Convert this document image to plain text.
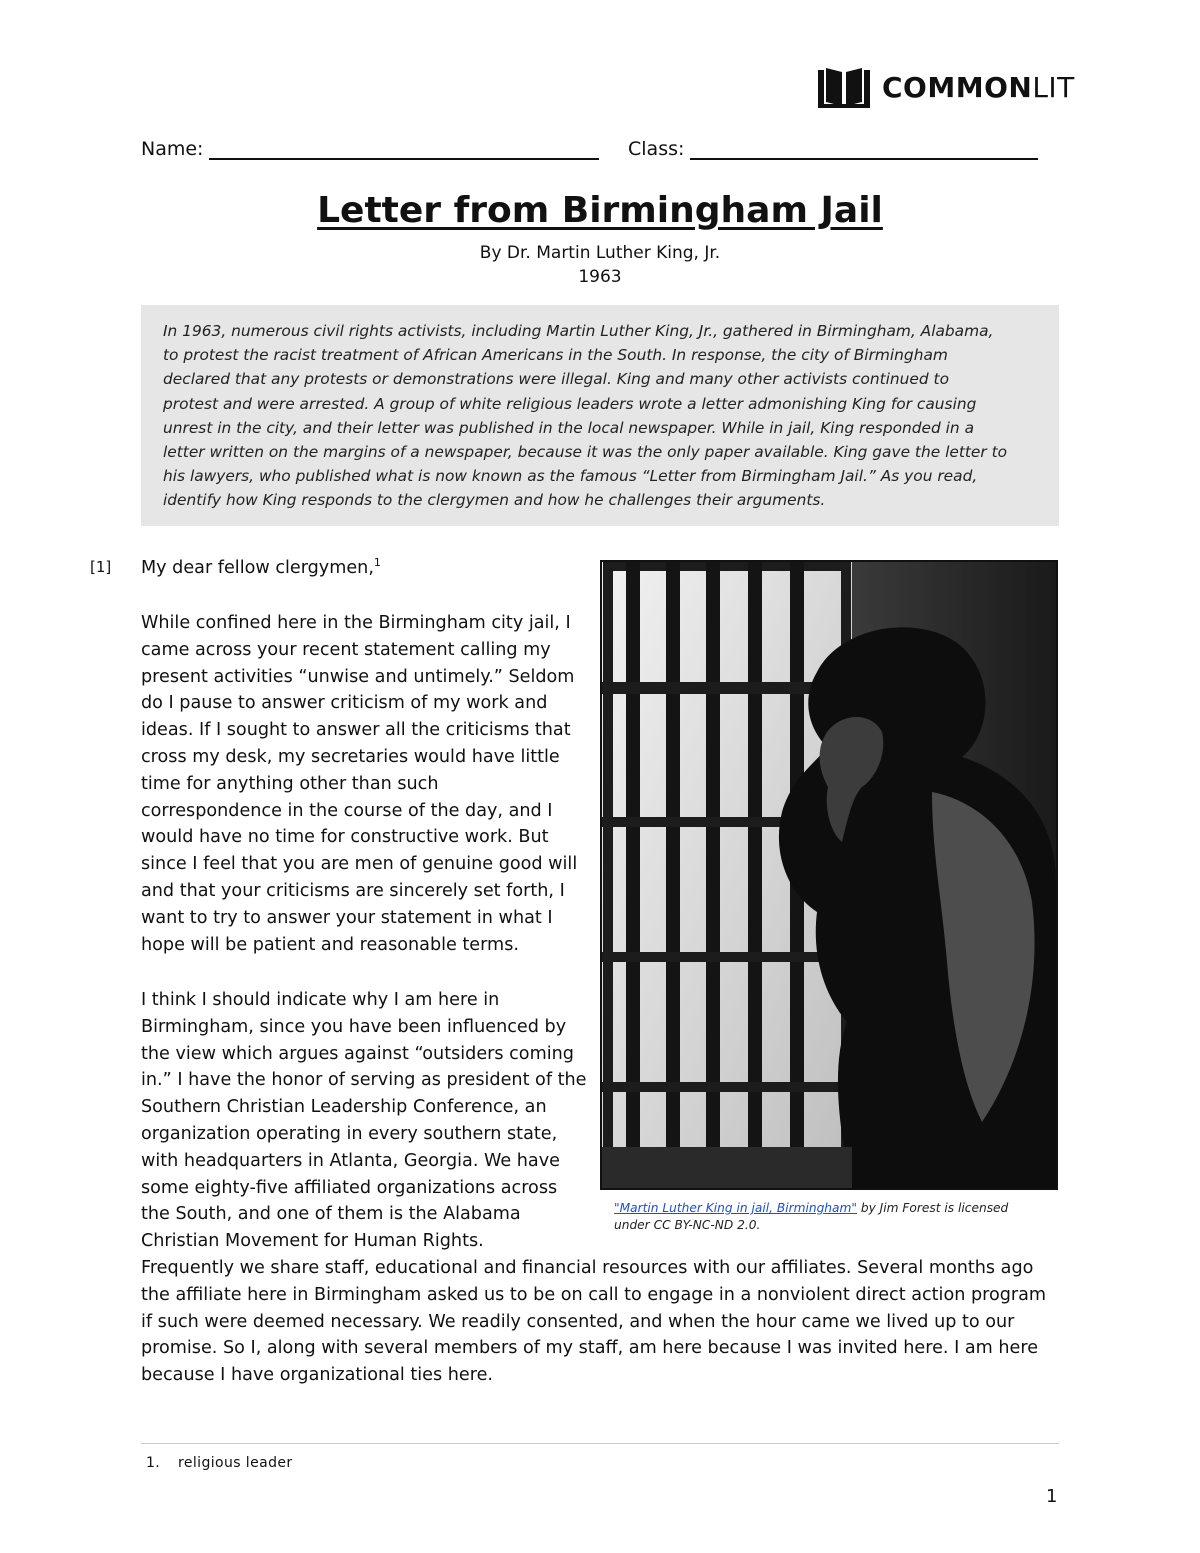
COMMONLIT
Name:	Class:
Letter from Birmingham Jail
By Dr. Martin Luther King, Jr.
1963
In 1963, numerous civil rights activists, including Martin Luther King, Jr., gathered in Birmingham, Alabama,
to protest the racist treatment of African Americans in the South. In response, the city of Birmingham
declared that any protests or demonstrations were illegal. King and many other activists continued to
protest and were arrested. A group of white religious leaders wrote a letter admonishing King for causing
unrest in the city, and their letter was published in the local newspaper. While in jail, King responded in a
letter written on the margins of a newspaper, because it was the only paper available. King gave the letter to
his lawyers, who published what is now known as the famous “Letter from Birmingham Jail.” As you read,
identify how King responds to the clergymen and how he challenges their arguments.
[1] My dear fellow clergymen,$^1$
While confined here in the Birmingham city jail, I
came across your recent statement calling my
present activities “unwise and untimely.” Seldom
do I pause to answer criticism of my work and
ideas. If I sought to answer all the criticisms that
cross my desk, my secretaries would have little
time for anything other than such
correspondence in the course of the day, and I
would have no time for constructive work. But
since I feel that you are men of genuine good will
and that your criticisms are sincerely set forth, I
want to try to answer your statement in what I
hope will be patient and reasonable terms.
I think I should indicate why I am here in
Birmingham, since you have been influenced by
the view which argues against “outsiders coming
in.” I have the honor of serving as president of the
Southern Christian Leadership Conference, an
organization operating in every southern state,
with headquarters in Atlanta, Georgia. We have
some eighty-five affiliated organizations across
the South, and one of them is the Alabama
Christian Movement for Human Rights.
Frequently we share staff, educational and financial resources with our affiliates. Several months ago
the affiliate here in Birmingham asked us to be on call to engage in a nonviolent direct action program
if such were deemed necessary. We readily consented, and when the hour came we lived up to our
promise. So I, along with several members of my staff, am here because I was invited here. I am here
because I have organizational ties here.
"Martin Luther King in jail, Birmingham" by Jim Forest is licensed
under CC BY-NC-ND 2.0.
1. religious leader
1
